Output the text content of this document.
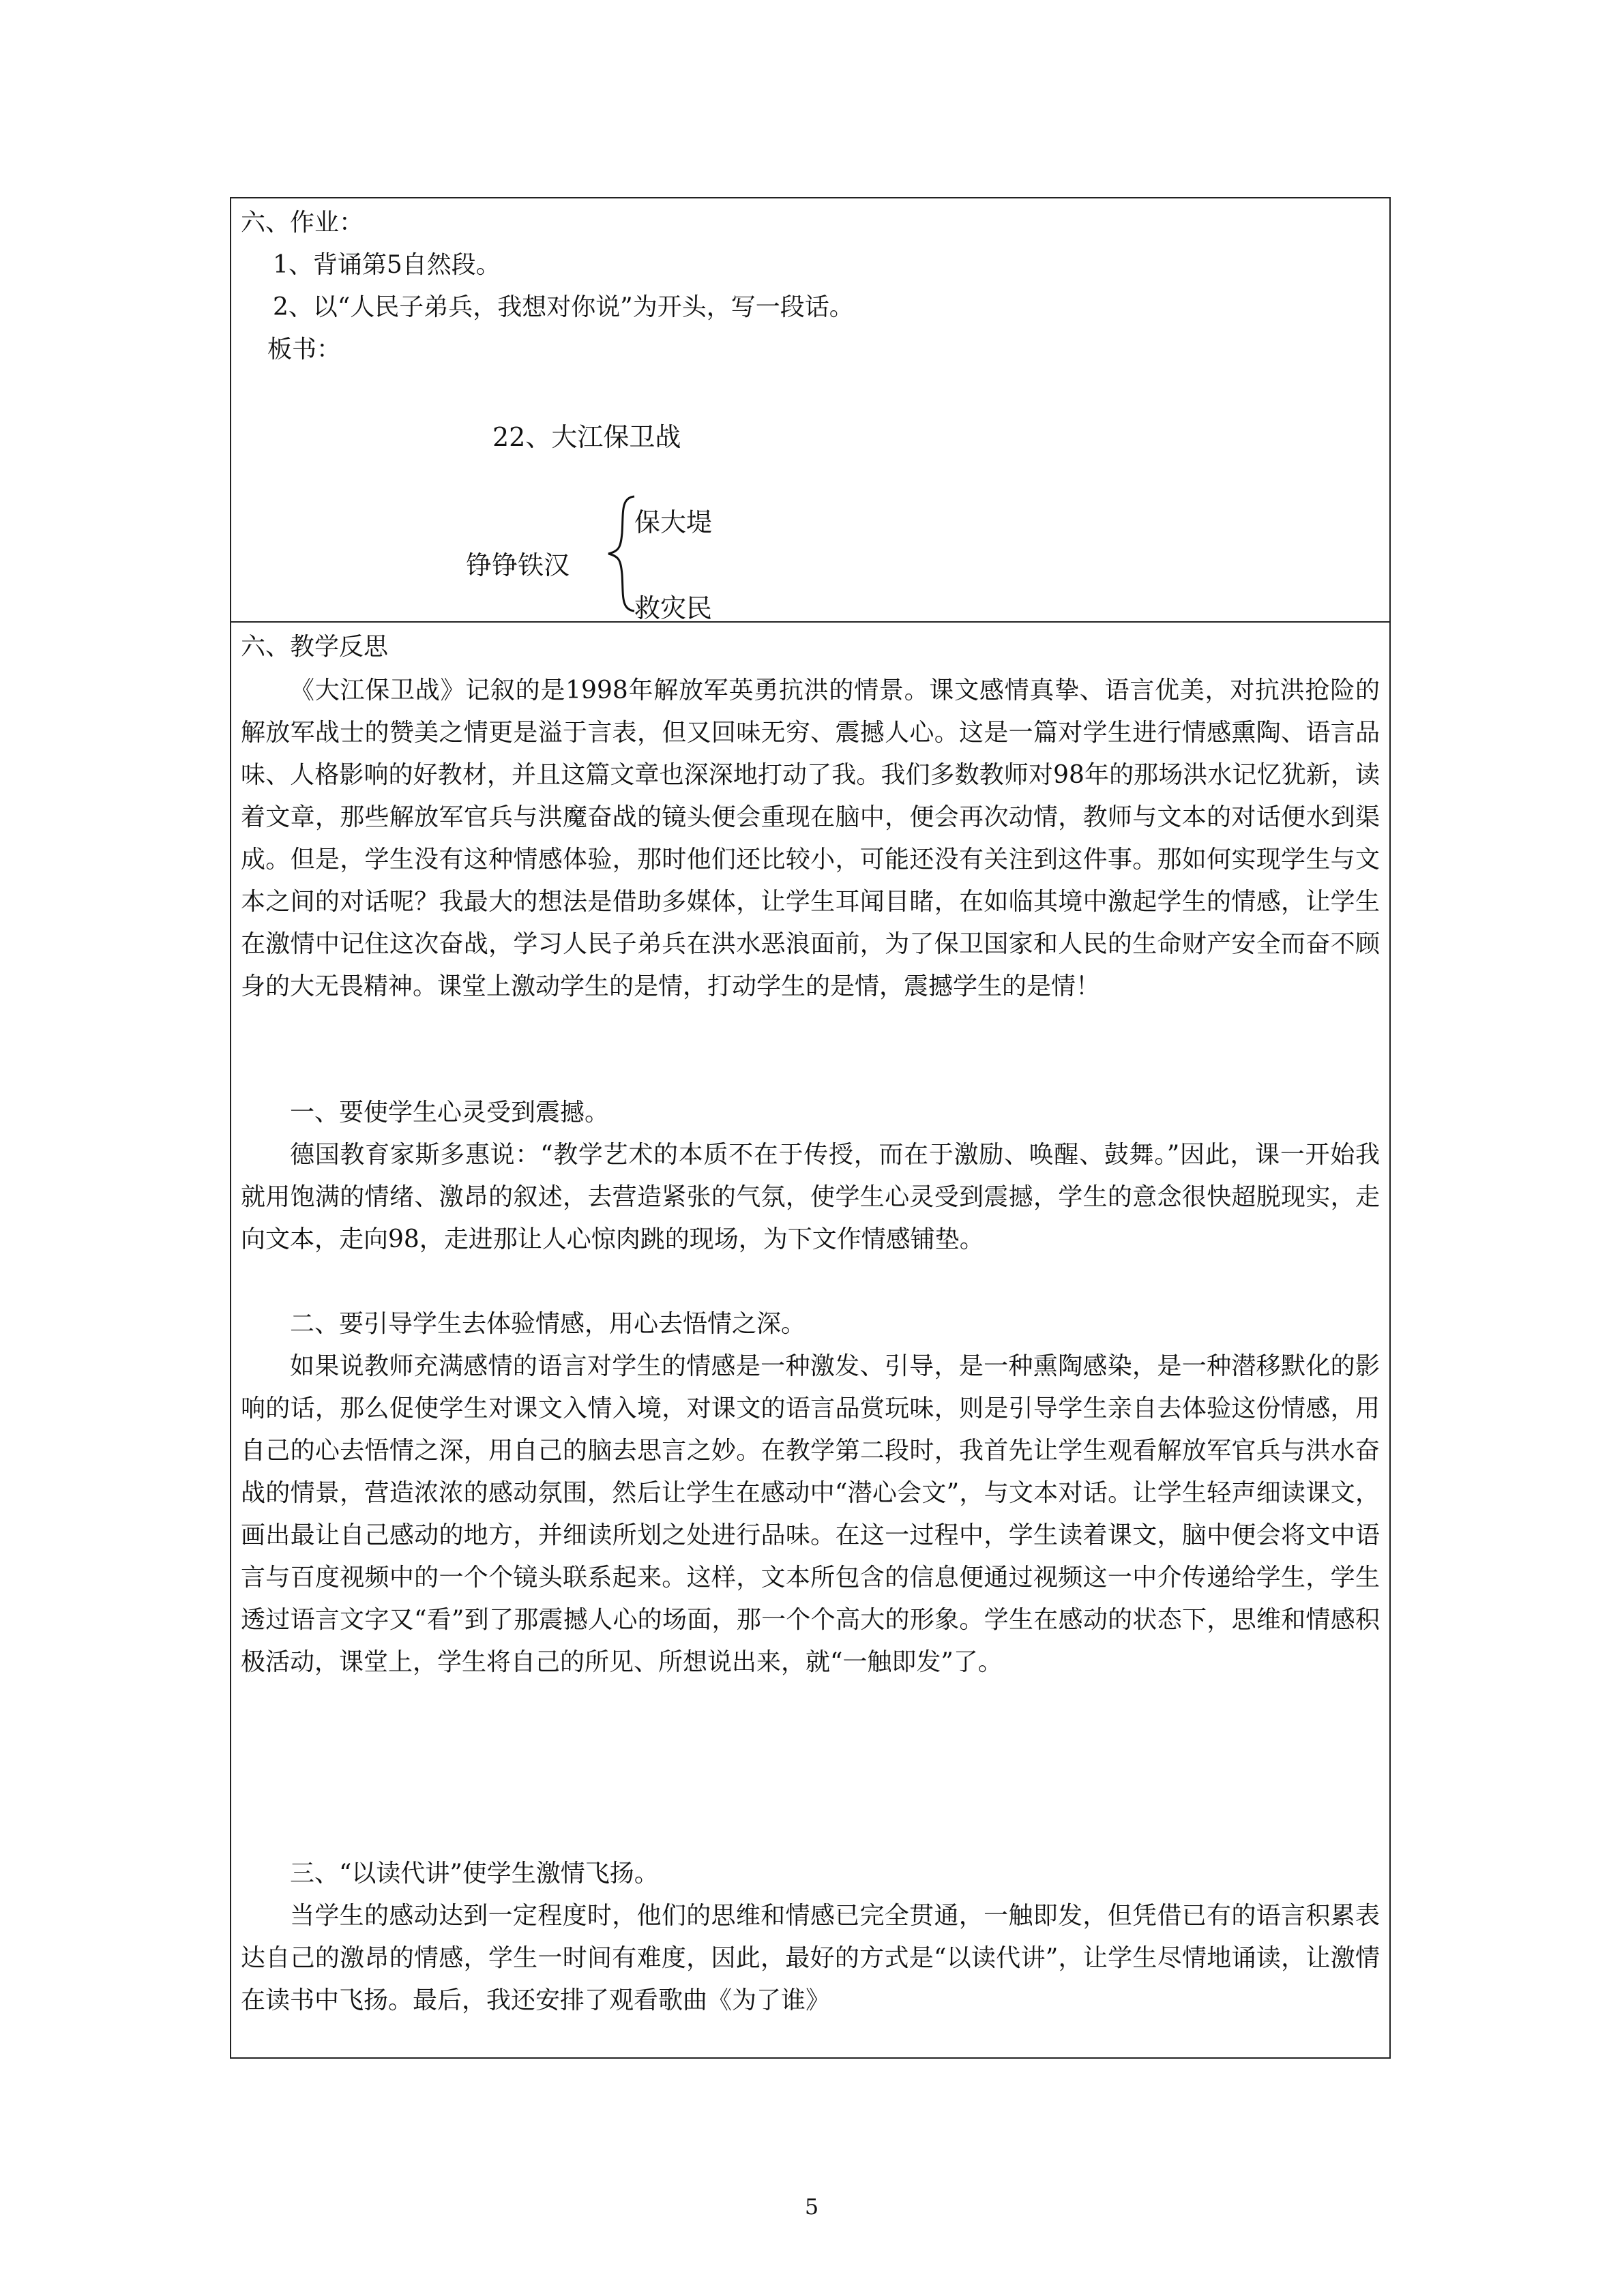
六、作业：
1、背诵第5自然段。
2、以“人民子弟兵，我想对你说”为开头，写一段话。
板书：
22、大江保卫战
铮铮铁汉
保大堤
救灾民
六、教学反思
《大江保卫战》记叙的是1998年解放军英勇抗洪的情景。课文感情真挚、语言优美，对抗洪抢险的解放军战士的赞美之情更是溢于言表，但又回味无穷、震撼人心。这是一篇对学生进行情感熏陶、语言品味、人格影响的好教材，并且这篇文章也深深地打动了我。我们多数教师对98年的那场洪水记忆犹新，读着文章，那些解放军官兵与洪魔奋战的镜头便会重现在脑中，便会再次动情，教师与文本的对话便水到渠成。但是，学生没有这种情感体验，那时他们还比较小，可能还没有关注到这件事。那如何实现学生与文本之间的对话呢？我最大的想法是借助多媒体，让学生耳闻目睹，在如临其境中激起学生的情感，让学生在激情中记住这次奋战，学习人民子弟兵在洪水恶浪面前，为了保卫国家和人民的生命财产安全而奋不顾身的大无畏精神。课堂上激动学生的是情，打动学生的是情，震撼学生的是情！
一、要使学生心灵受到震撼。
德国教育家斯多惠说：“教学艺术的本质不在于传授，而在于激励、唤醒、鼓舞。”因此，课一开始我就用饱满的情绪、激昂的叙述，去营造紧张的气氛，使学生心灵受到震撼，学生的意念很快超脱现实，走向文本，走向98，走进那让人心惊肉跳的现场，为下文作情感铺垫。
二、要引导学生去体验情感，用心去悟情之深。
如果说教师充满感情的语言对学生的情感是一种激发、引导，是一种熏陶感染，是一种潜移默化的影响的话，那么促使学生对课文入情入境，对课文的语言品赏玩味，则是引导学生亲自去体验这份情感，用自己的心去悟情之深，用自己的脑去思言之妙。在教学第二段时，我首先让学生观看解放军官兵与洪水奋战的情景，营造浓浓的感动氛围，然后让学生在感动中“潜心会文”，与文本对话。让学生轻声细读课文，画出最让自己感动的地方，并细读所划之处进行品味。在这一过程中，学生读着课文，脑中便会将文中语言与百度视频中的一个个镜头联系起来。这样，文本所包含的信息便通过视频这一中介传递给学生，学生透过语言文字又“看”到了那震撼人心的场面，那一个个高大的形象。学生在感动的状态下，思维和情感积极活动，课堂上，学生将自己的所见、所想说出来，就“一触即发”了。
三、“以读代讲”使学生激情飞扬。
当学生的感动达到一定程度时，他们的思维和情感已完全贯通，一触即发，但凭借已有的语言积累表达自己的激昂的情感，学生一时间有难度，因此，最好的方式是“以读代讲”，让学生尽情地诵读，让激情在读书中飞扬。最后，我还安排了观看歌曲《为了谁》
5
